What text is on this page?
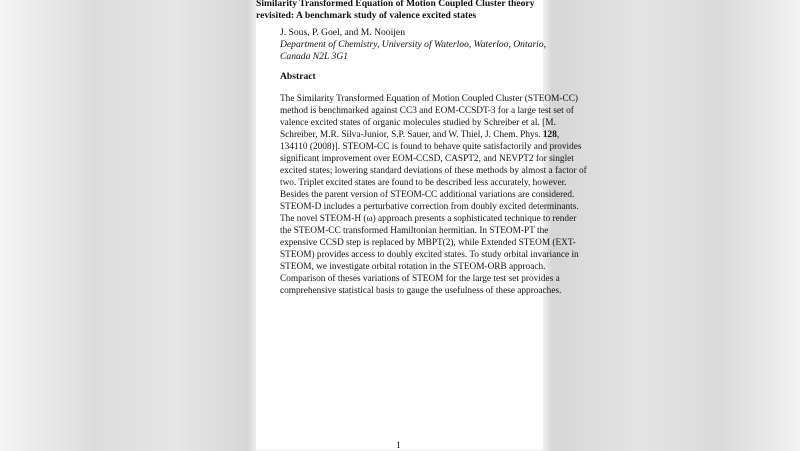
Similarity Transformed Equation of Motion Coupled Cluster theory revisited: A benchmark study of valence excited states
J. Sous, P. Goel, and M. Nooijen
Department of Chemistry, University of Waterloo, Waterloo, Ontario, Canada N2L 3G1
Abstract
The Similarity Transformed Equation of Motion Coupled Cluster (STEOM-CC)
method is benchmarked against CC3 and EOM-CCSDT-3 for a large test set of
valence excited states of organic molecules studied by Schreiber et al. [M.
Schreiber, M.R. Silva-Junior, S.P. Sauer, and W. Thiel, J. Chem. Phys. 128,
134110 (2008)]. STEOM-CC is found to behave quite satisfactorily and provides
significant improvement over EOM-CCSD, CASPT2, and NEVPT2 for singlet
excited states; lowering standard deviations of these methods by almost a factor of
two. Triplet excited states are found to be described less accurately, however.
Besides the parent version of STEOM-CC additional variations are considered.
STEOM-D includes a perturbative correction from doubly excited determinants.
The novel STEOM-H (ω) approach presents a sophisticated technique to render
the STEOM-CC transformed Hamiltonian hermitian. In STEOM-PT the
expensive CCSD step is replaced by MBPT(2), while Extended STEOM (EXT-
STEOM) provides access to doubly excited states. To study orbital invariance in
STEOM, we investigate orbital rotation in the STEOM-ORB approach.
Comparison of theses variations of STEOM for the large test set provides a
comprehensive statistical basis to gauge the usefulness of these approaches.
1
